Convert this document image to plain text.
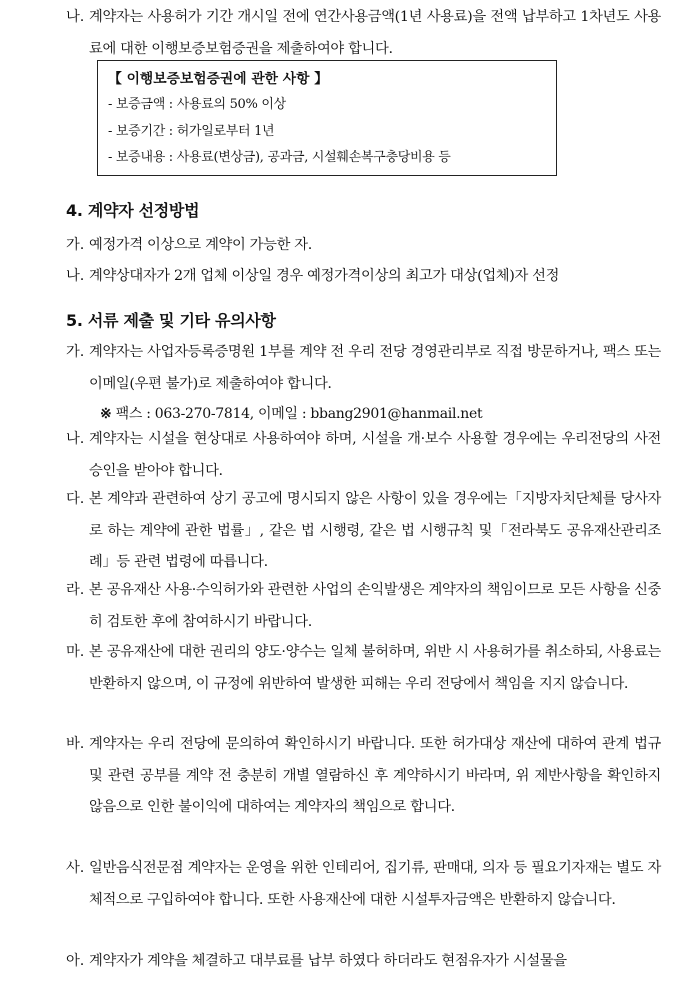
나. 계약자는 사용허가 기간 개시일 전에 연간사용금액(1년 사용료)을 전액 납부하고 1차년도 사용료에 대한 이행보증보험증권을 제출하여야 합니다.
【 이행보증보험증권에 관한 사항 】
- 보증금액 : 사용료의 50% 이상
- 보증기간 : 허가일로부터 1년
- 보증내용 : 사용료(변상금), 공과금, 시설훼손복구충당비용 등
4. 계약자 선정방법
가. 예정가격 이상으로 계약이 가능한 자.
나. 계약상대자가 2개 업체 이상일 경우 예정가격이상의 최고가 대상(업체)자 선정
5. 서류 제출 및 기타 유의사항
가. 계약자는 사업자등록증명원 1부를 계약 전 우리 전당 경영관리부로 직접 방문하거나, 팩스 또는 이메일(우편 불가)로 제출하여야 합니다.
※ 팩스 : 063-270-7814, 이메일 : bbang2901@hanmail.net
나. 계약자는 시설을 현상대로 사용하여야 하며, 시설을 개·보수 사용할 경우에는 우리전당의 사전승인을 받아야 합니다.
다. 본 계약과 관련하여 상기 공고에 명시되지 않은 사항이 있을 경우에는「지방자치단체를 당사자로 하는 계약에 관한 법률」, 같은 법 시행령, 같은 법 시행규칙 및「전라북도 공유재산관리조례」등 관련 법령에 따릅니다.
라. 본 공유재산 사용·수익허가와 관련한 사업의 손익발생은 계약자의 책임이므로 모든 사항을 신중히 검토한 후에 참여하시기 바랍니다.
마. 본 공유재산에 대한 권리의 양도·양수는 일체 불허하며, 위반 시 사용허가를 취소하되, 사용료는 반환하지 않으며, 이 규정에 위반하여 발생한 피해는 우리 전당에서 책임을 지지 않습니다.
바. 계약자는 우리 전당에 문의하여 확인하시기 바랍니다. 또한 허가대상 재산에 대하여 관계 법규 및 관련 공부를 계약 전 충분히 개별 열람하신 후 계약하시기 바라며, 위 제반사항을 확인하지 않음으로 인한 불이익에 대하여는 계약자의 책임으로 합니다.
사. 일반음식전문점 계약자는 운영을 위한 인테리어, 집기류, 판매대, 의자 등 필요기자재는 별도 자체적으로 구입하여야 합니다. 또한 사용재산에 대한 시설투자금액은 반환하지 않습니다.
아. 계약자가 계약을 체결하고 대부료를 납부 하였다 하더라도 현점유자가 시설물을
